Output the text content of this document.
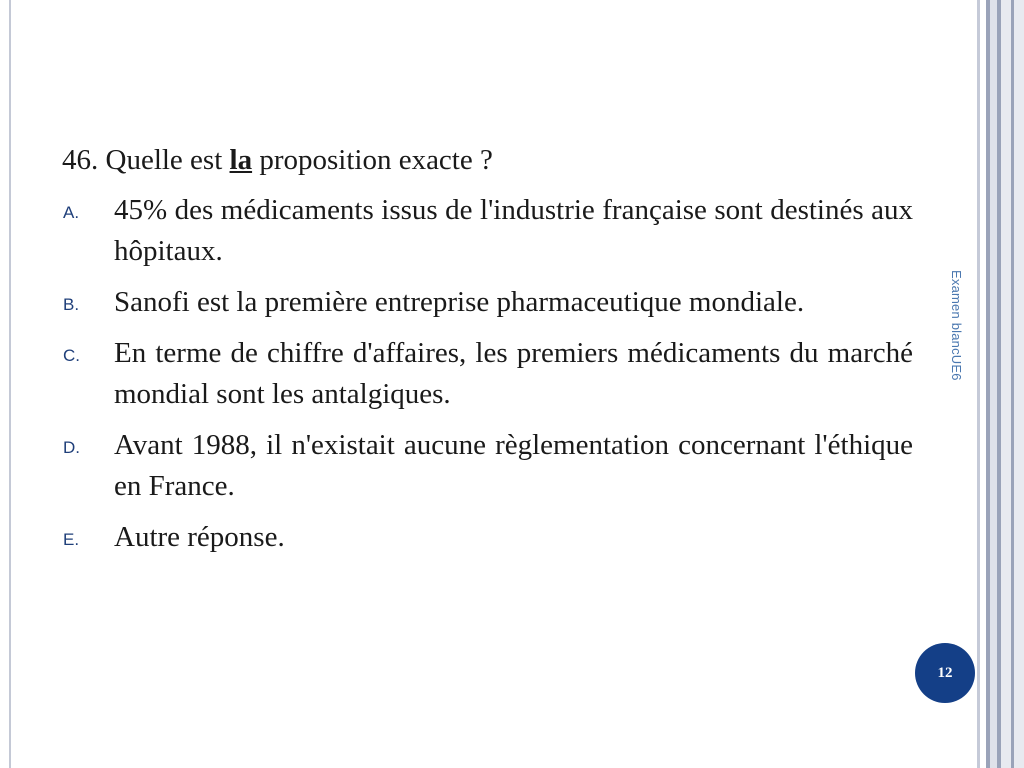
46. Quelle est la proposition exacte ?

A. 45% des médicaments issus de l'industrie française sont destinés aux hôpitaux.
B. Sanofi est la première entreprise pharmaceutique mondiale.
C. En terme de chiffre d'affaires, les premiers médicaments du marché mondial sont les antalgiques.
D. Avant 1988, il n'existait aucune règlementation concernant l'éthique en France.
E. Autre réponse.
Examen blancUE6
12
